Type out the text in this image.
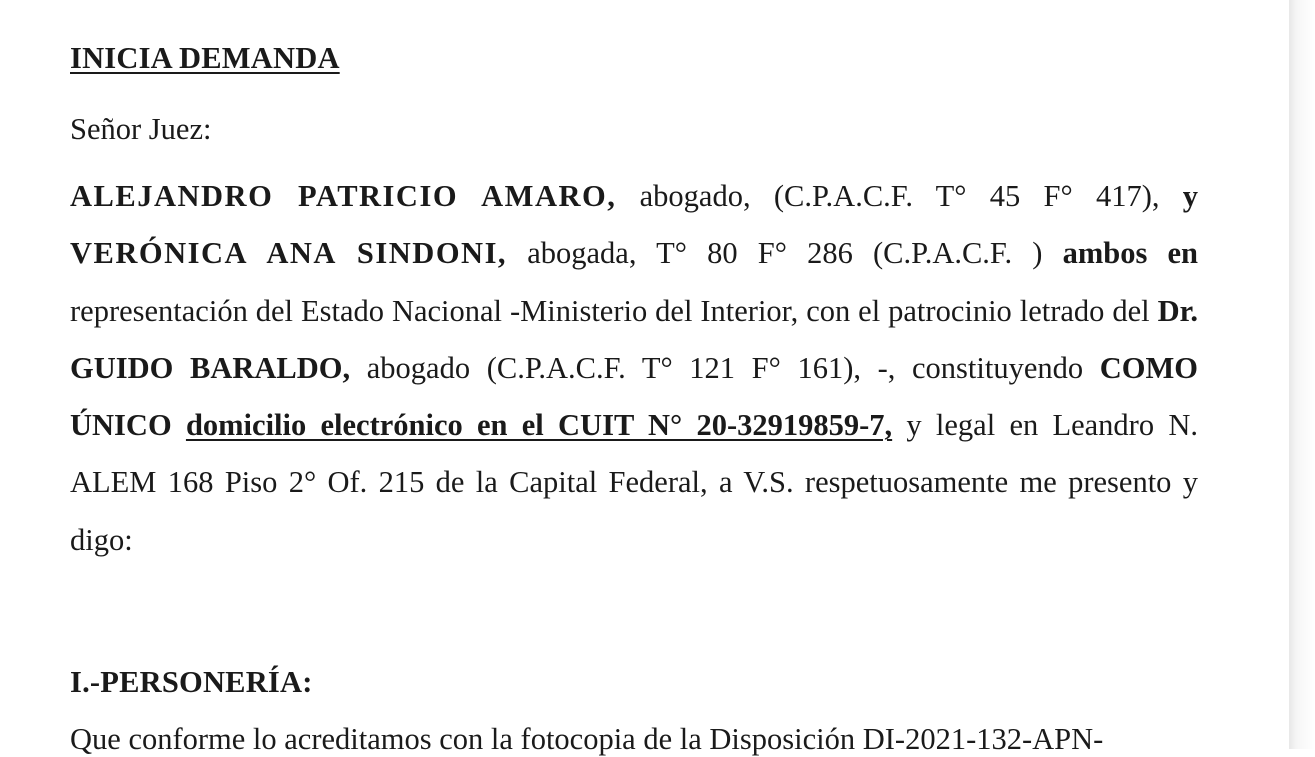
INICIA DEMANDA
Señor Juez:
ALEJANDRO PATRICIO AMARO, abogado, (C.P.A.C.F. T° 45 F° 417), y VERÓNICA ANA SINDONI, abogada, T° 80 F° 286 (C.P.A.C.F. ) ambos en representación del Estado Nacional -Ministerio del Interior, con el patrocinio letrado del Dr. GUIDO BARALDO, abogado (C.P.A.C.F. T° 121 F° 161), -, constituyendo COMO ÚNICO domicilio electrónico en el CUIT N° 20-32919859-7, y legal en Leandro N. ALEM 168 Piso 2° Of. 215 de la Capital Federal, a V.S. respetuosamente me presento y digo:
I.-PERSONERÍA:
Que conforme lo acreditamos con la fotocopia de la Disposición DI-2021-132-APN-
